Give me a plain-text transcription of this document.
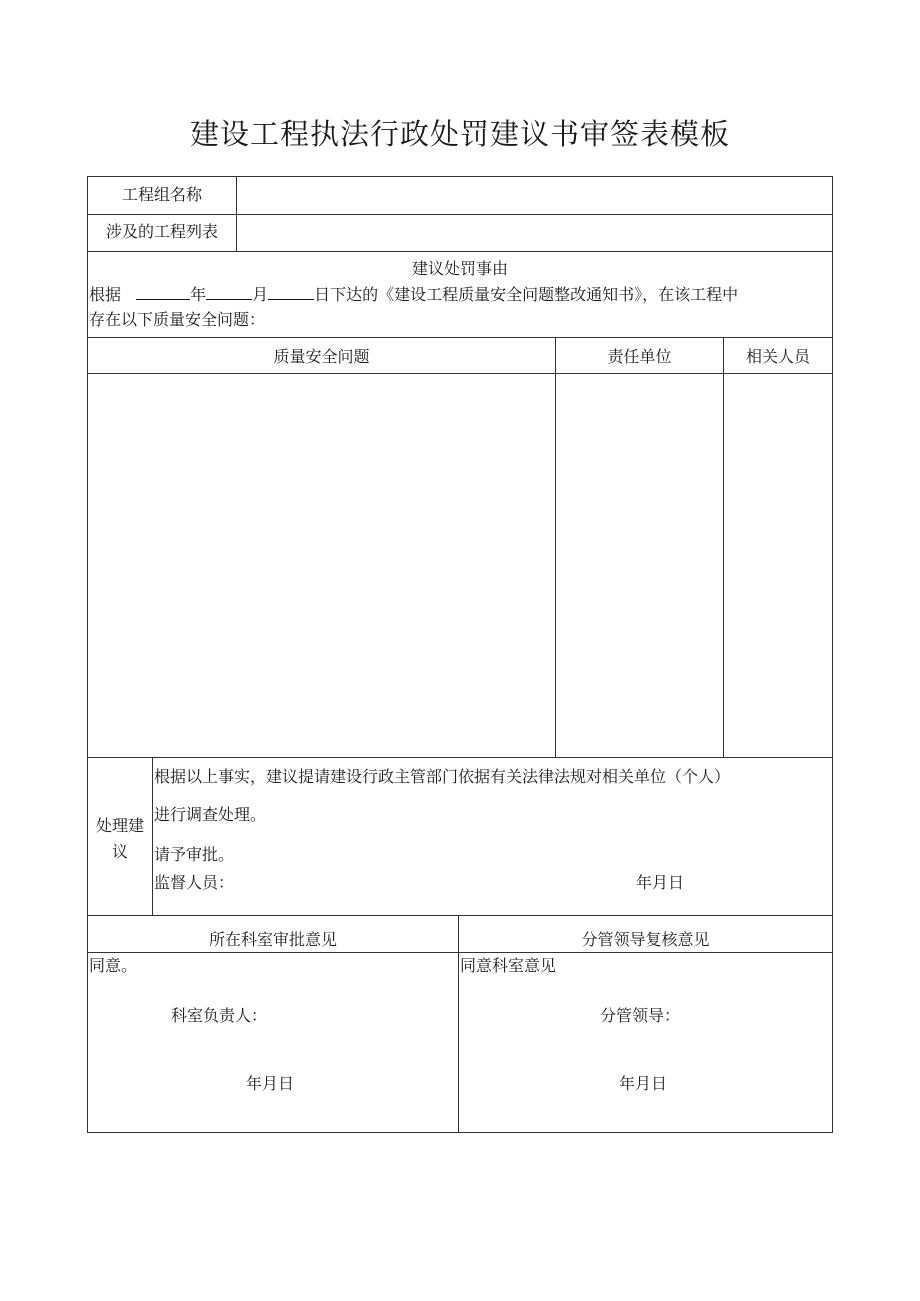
建设工程执法行政处罚建议书审签表模板
工程组名称
涉及的工程列表
建议处罚事由
根据	年	月	日下达的《建设工程质量安全问题整改通知书》，在该工程中
存在以下质量安全问题：
质量安全问题	责任单位	相关人员
处理建
议
根据以上事实，建议提请建设行政主管部门依据有关法律法规对相关单位（个人）
进行调查处理。
请予审批。
监督人员：	年月日
所在科室审批意见	分管领导复核意见
同意。
科室负责人：
年月日
同意科室意见
分管领导：
年月日
